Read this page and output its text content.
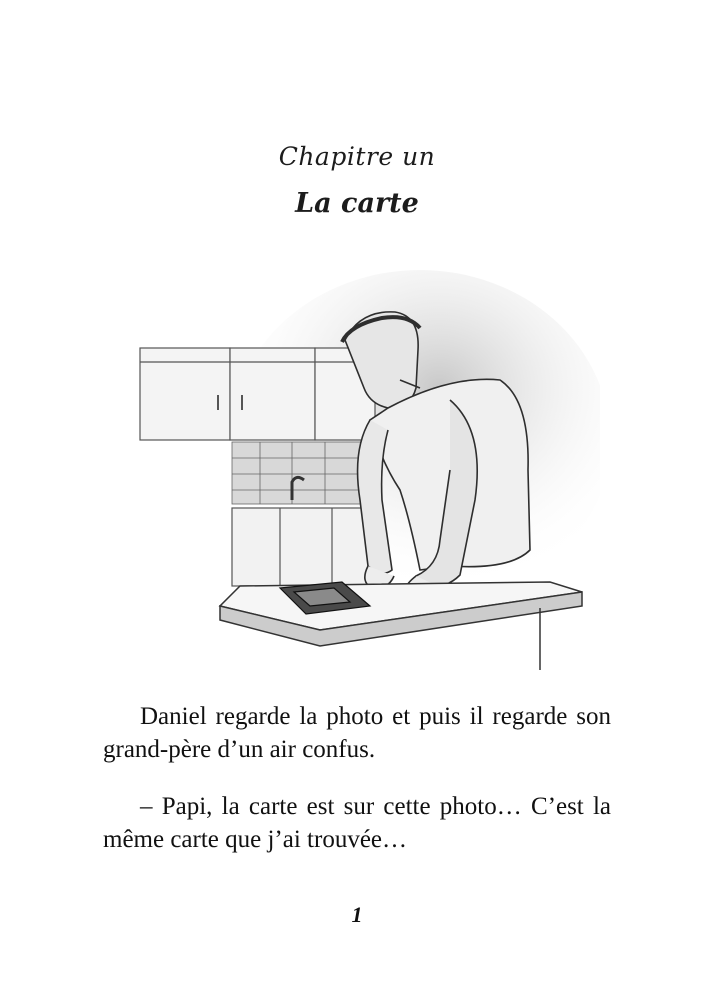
Chapitre un
La carte

Daniel regarde la photo et puis il regarde son grand-père d’un air confus.

– Papi, la carte est sur cette photo… C’est la même carte que j’ai trouvée…

1
